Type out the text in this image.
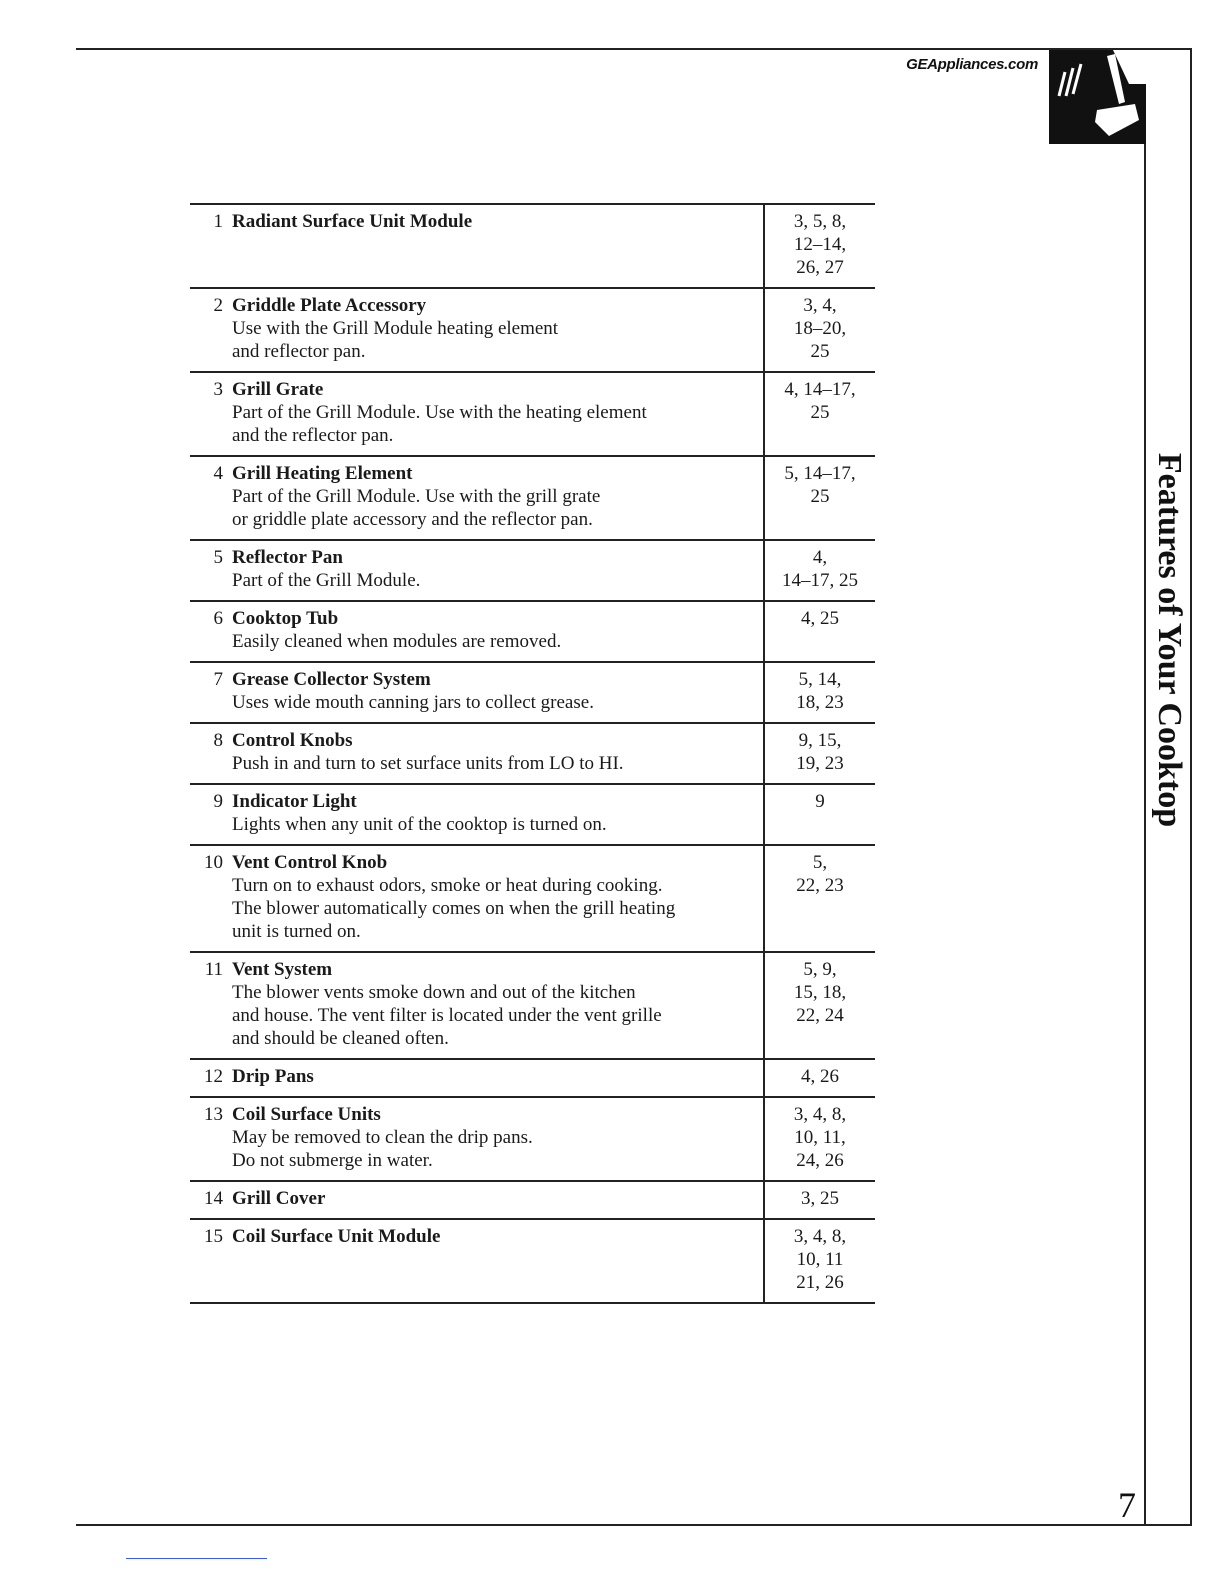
GEAppliances.com
Features of Your Cooktop
1	Radiant Surface Unit Module	3, 5, 8,
12–14,
26, 27

2	Griddle Plate Accessory
Use with the Grill Module heating element
and reflector pan.	3, 4,
18–20,
25

3	Grill Grate
Part of the Grill Module. Use with the heating element
and the reflector pan.	4, 14–17,
25

4	Grill Heating Element
Part of the Grill Module. Use with the grill grate
or griddle plate accessory and the reflector pan.	5, 14–17,
25

5	Reflector Pan
Part of the Grill Module.	4,
14–17, 25

6	Cooktop Tub
Easily cleaned when modules are removed.	4, 25

7	Grease Collector System
Uses wide mouth canning jars to collect grease.	5, 14,
18, 23

8	Control Knobs
Push in and turn to set surface units from LO to HI.	9, 15,
19, 23

9	Indicator Light
Lights when any unit of the cooktop is turned on.	9

10	Vent Control Knob
Turn on to exhaust odors, smoke or heat during cooking.
The blower automatically comes on when the grill heating
unit is turned on.	5,
22, 23

11	Vent System
The blower vents smoke down and out of the kitchen
and house. The vent filter is located under the vent grille
and should be cleaned often.	5, 9,
15, 18,
22, 24

12	Drip Pans	4, 26

13	Coil Surface Units
May be removed to clean the drip pans.
Do not submerge in water.	3, 4, 8,
10, 11,
24, 26

14	Grill Cover	3, 25

15	Coil Surface Unit Module	3, 4, 8,
10, 11
21, 26
7
